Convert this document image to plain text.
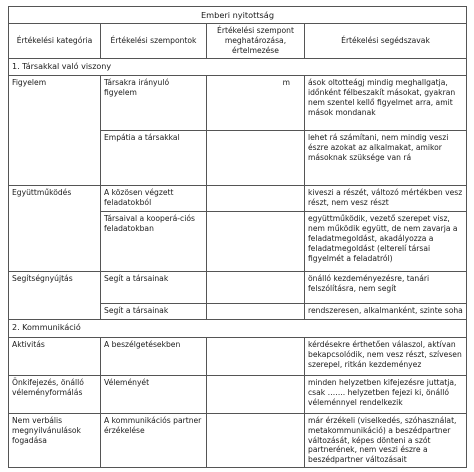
Emberi nyitottság			
Értékelési kategória	Értékelési szempontok	Értékelési szempont meghatározása, értelmezése	Értékelési segédszavak
1. Társakkal való viszony			
Figyelem	Társakra irányuló figyelem	m	ások oltotteágj mindig meghallgatja, időnként félbeszakít másokat, gyakran nem szentel kellő figyelmet arra, amit mások mondanak
	Empátia a társakkal		lehet rá számítani, nem mindig veszi észre azokat az alkalmakat, amikor másoknak szüksége van rá
Együttműködés	A közösen végzett feladatokból		kiveszi a részét, változó mértékben vesz részt, nem vesz részt
	Társaival a kooperá-ciós feladatokban		együttműködik, vezető szerepet visz, nem működik együtt, de nem zavarja a feladatmegoldást, akadályozza a feladatmegoldást (elterelí társai figyelmét a feladatról)
Segítségnyújtás	Segít a társainak		önálló kezdeményezésre, tanári felszólításra, nem segít
	Segít a társainak		rendszeresen, alkalmanként, szinte soha
2. Kommunikáció			
Aktivitás	A beszélgetésekben		kérdésekre érthetően válaszol, aktívan bekapcsolódik, nem vesz részt, szívesen szerepel, ritkán kezdeményez
Önkifejezés, önálló véleményformálás	Véleményét		minden helyzetben kifejezésre juttatja, csak ……. helyzetben fejezi ki, önálló véleménnyel rendelkezik
Nem verbális megnyilvánulások fogadása	A kommunikációs partner érzékelése		már érzékeli (viselkedés, szóhasználat, metakommunikáció) a beszédpartner változását, képes dönteni a szót partnerének, nem veszi észre a beszédpartner változásait
